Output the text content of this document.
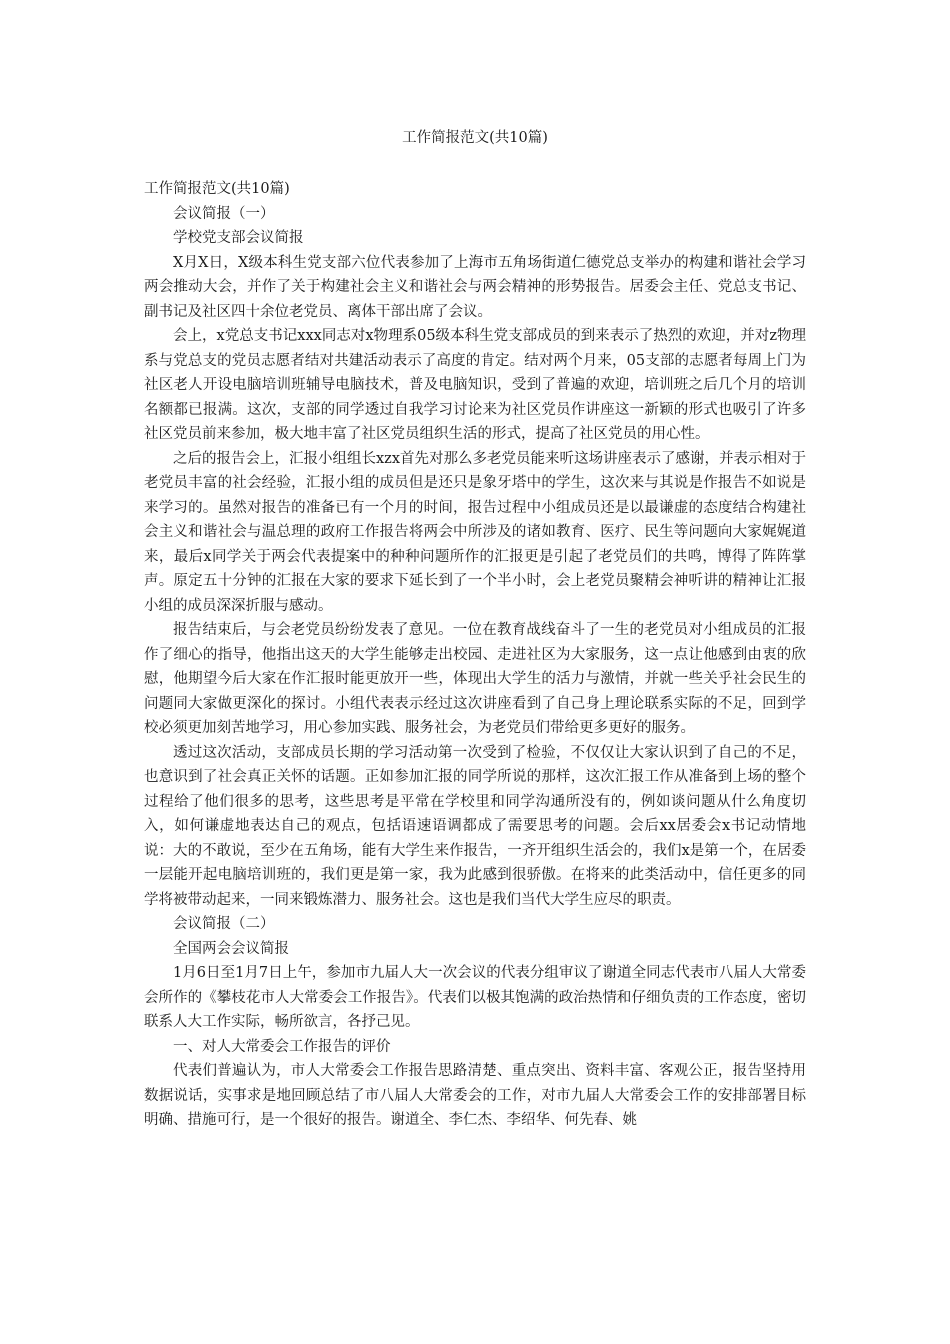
工作简报范文(共10篇)

工作简报范文(共10篇)

会议简报（一）

学校党支部会议简报

X月X日，X级本科生党支部六位代表参加了上海市五角场街道仁德党总支举办的构建和谐社会学习两会推动大会，并作了关于构建社会主义和谐社会与两会精神的形势报告。居委会主任、党总支书记、副书记及社区四十余位老党员、离体干部出席了会议。

会上，x党总支书记xxx同志对x物理系05级本科生党支部成员的到来表示了热烈的欢迎，并对z物理系与党总支的党员志愿者结对共建活动表示了高度的肯定。结对两个月来，05支部的志愿者每周上门为社区老人开设电脑培训班辅导电脑技术，普及电脑知识，受到了普遍的欢迎，培训班之后几个月的培训名额都已报满。这次，支部的同学透过自我学习讨论来为社区党员作讲座这一新颖的形式也吸引了许多社区党员前来参加，极大地丰富了社区党员组织生活的形式，提高了社区党员的用心性。

之后的报告会上，汇报小组组长xzx首先对那么多老党员能来听这场讲座表示了感谢，并表示相对于老党员丰富的社会经验，汇报小组的成员但是还只是象牙塔中的学生，这次来与其说是作报告不如说是来学习的。虽然对报告的准备已有一个月的时间，报告过程中小组成员还是以最谦虚的态度结合构建社会主义和谐社会与温总理的政府工作报告将两会中所涉及的诸如教育、医疗、民生等问题向大家娓娓道来，最后x同学关于两会代表提案中的种种问题所作的汇报更是引起了老党员们的共鸣，博得了阵阵掌声。原定五十分钟的汇报在大家的要求下延长到了一个半小时，会上老党员聚精会神听讲的精神让汇报小组的成员深深折服与感动。

报告结束后，与会老党员纷纷发表了意见。一位在教育战线奋斗了一生的老党员对小组成员的汇报作了细心的指导，他指出这天的大学生能够走出校园、走进社区为大家服务，这一点让他感到由衷的欣慰，他期望今后大家在作汇报时能更放开一些，体现出大学生的活力与激情，并就一些关乎社会民生的问题同大家做更深化的探讨。小组代表表示经过这次讲座看到了自己身上理论联系实际的不足，回到学校必须更加刻苦地学习，用心参加实践、服务社会，为老党员们带给更多更好的服务。

透过这次活动，支部成员长期的学习活动第一次受到了检验，不仅仅让大家认识到了自己的不足，也意识到了社会真正关怀的话题。正如参加汇报的同学所说的那样，这次汇报工作从准备到上场的整个过程给了他们很多的思考，这些思考是平常在学校里和同学沟通所没有的，例如谈问题从什么角度切入，如何谦虚地表达自己的观点，包括语速语调都成了需要思考的问题。会后xx居委会x书记动情地说：大的不敢说，至少在五角场，能有大学生来作报告，一齐开组织生活会的，我们x是第一个，在居委一层能开起电脑培训班的，我们更是第一家，我为此感到很骄傲。在将来的此类活动中，信任更多的同学将被带动起来，一同来锻炼潜力、服务社会。这也是我们当代大学生应尽的职责。

会议简报（二）

全国两会会议简报

1月6日至1月7日上午，参加市九届人大一次会议的代表分组审议了谢道全同志代表市八届人大常委会所作的《攀枝花市人大常委会工作报告》。代表们以极其饱满的政治热情和仔细负责的工作态度，密切联系人大工作实际，畅所欲言，各抒己见。

一、对人大常委会工作报告的评价

代表们普遍认为，市人大常委会工作报告思路清楚、重点突出、资料丰富、客观公正，报告坚持用数据说话，实事求是地回顾总结了市八届人大常委会的工作，对市九届人大常委会工作的安排部署目标明确、措施可行，是一个很好的报告。谢道全、李仁杰、李绍华、何先春、姚
